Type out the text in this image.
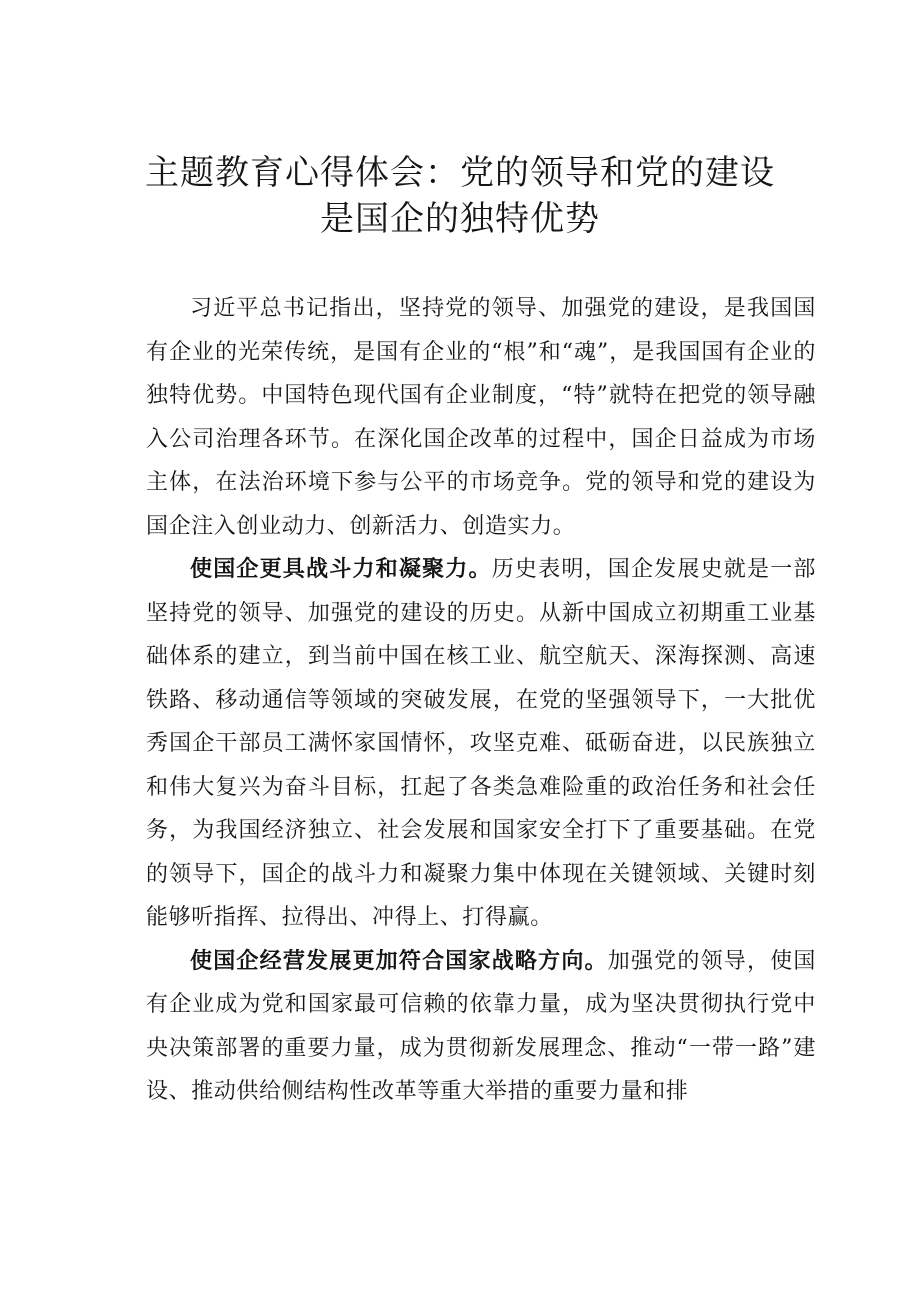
主题教育心得体会：党的领导和党的建设
是国企的独特优势

习近平总书记指出，坚持党的领导、加强党的建设，是我国国有企业的光荣传统，是国有企业的“根”和“魂”，是我国国有企业的独特优势。中国特色现代国有企业制度，“特”就特在把党的领导融入公司治理各环节。在深化国企改革的过程中，国企日益成为市场主体，在法治环境下参与公平的市场竞争。党的领导和党的建设为国企注入创业动力、创新活力、创造实力。

使国企更具战斗力和凝聚力。历史表明，国企发展史就是一部坚持党的领导、加强党的建设的历史。从新中国成立初期重工业基础体系的建立，到当前中国在核工业、航空航天、深海探测、高速铁路、移动通信等领域的突破发展，在党的坚强领导下，一大批优秀国企干部员工满怀家国情怀，攻坚克难、砥砺奋进，以民族独立和伟大复兴为奋斗目标，扛起了各类急难险重的政治任务和社会任务，为我国经济独立、社会发展和国家安全打下了重要基础。在党的领导下，国企的战斗力和凝聚力集中体现在关键领域、关键时刻能够听指挥、拉得出、冲得上、打得赢。

使国企经营发展更加符合国家战略方向。加强党的领导，使国有企业成为党和国家最可信赖的依靠力量，成为坚决贯彻执行党中央决策部署的重要力量，成为贯彻新发展理念、推动“一带一路”建设、推动供给侧结构性改革等重大举措的重要力量和排
